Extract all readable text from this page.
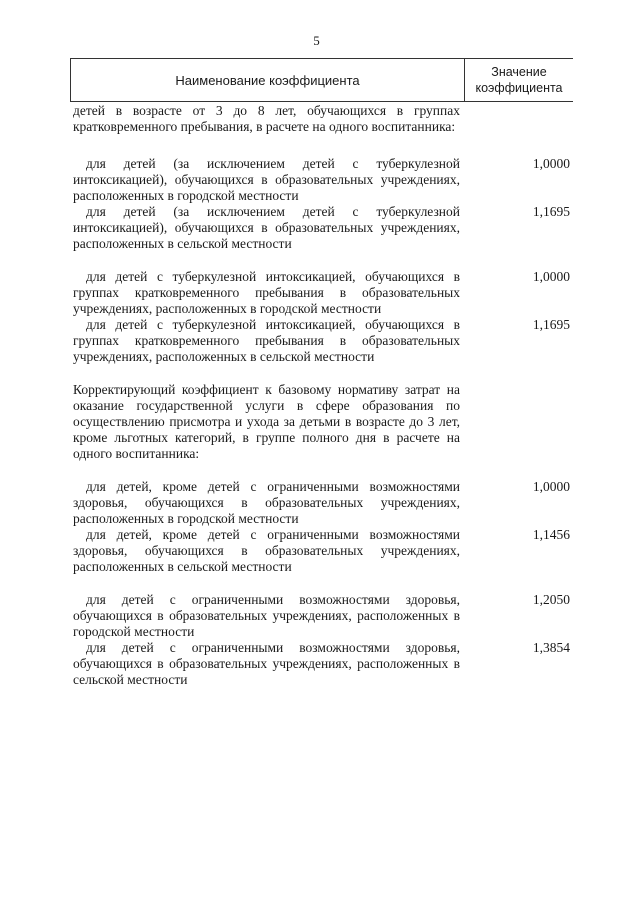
5
Наименование коэффициента
Значение
коэффициента
детей в возрасте от 3 до 8 лет, обучающихся в группах кратковременного пребывания, в расчете на одного воспитанника:
для детей (за исключением детей с туберкулезной интоксикацией), обучающихся в образовательных учреждениях, расположенных в городской местности
1,0000
для детей (за исключением детей с туберкулезной интоксикацией), обучающихся в образовательных учреждениях, расположенных в сельской местности
1,1695
для детей с туберкулезной интоксикацией, обучающихся в группах кратковременного пребывания в образовательных учреждениях, расположенных в городской местности
1,0000
для детей с туберкулезной интоксикацией, обучающихся в группах кратковременного пребывания в образовательных учреждениях, расположенных в сельской местности
1,1695
Корректирующий коэффициент к базовому нормативу затрат на оказание государственной услуги в сфере образования по осуществлению присмотра и ухода за детьми в возрасте до 3 лет, кроме льготных категорий, в группе полного дня в расчете на одного воспитанника:
для детей, кроме детей с ограниченными возможностями здоровья, обучающихся в образовательных учреждениях, расположенных в городской местности
1,0000
для детей, кроме детей с ограниченными возможностями здоровья, обучающихся в образовательных учреждениях, расположенных в сельской местности
1,1456
для детей с ограниченными возможностями здоровья, обучающихся в образовательных учреждениях, расположенных в городской местности
1,2050
для детей с ограниченными возможностями здоровья, обучающихся в образовательных учреждениях, расположенных в сельской местности
1,3854
